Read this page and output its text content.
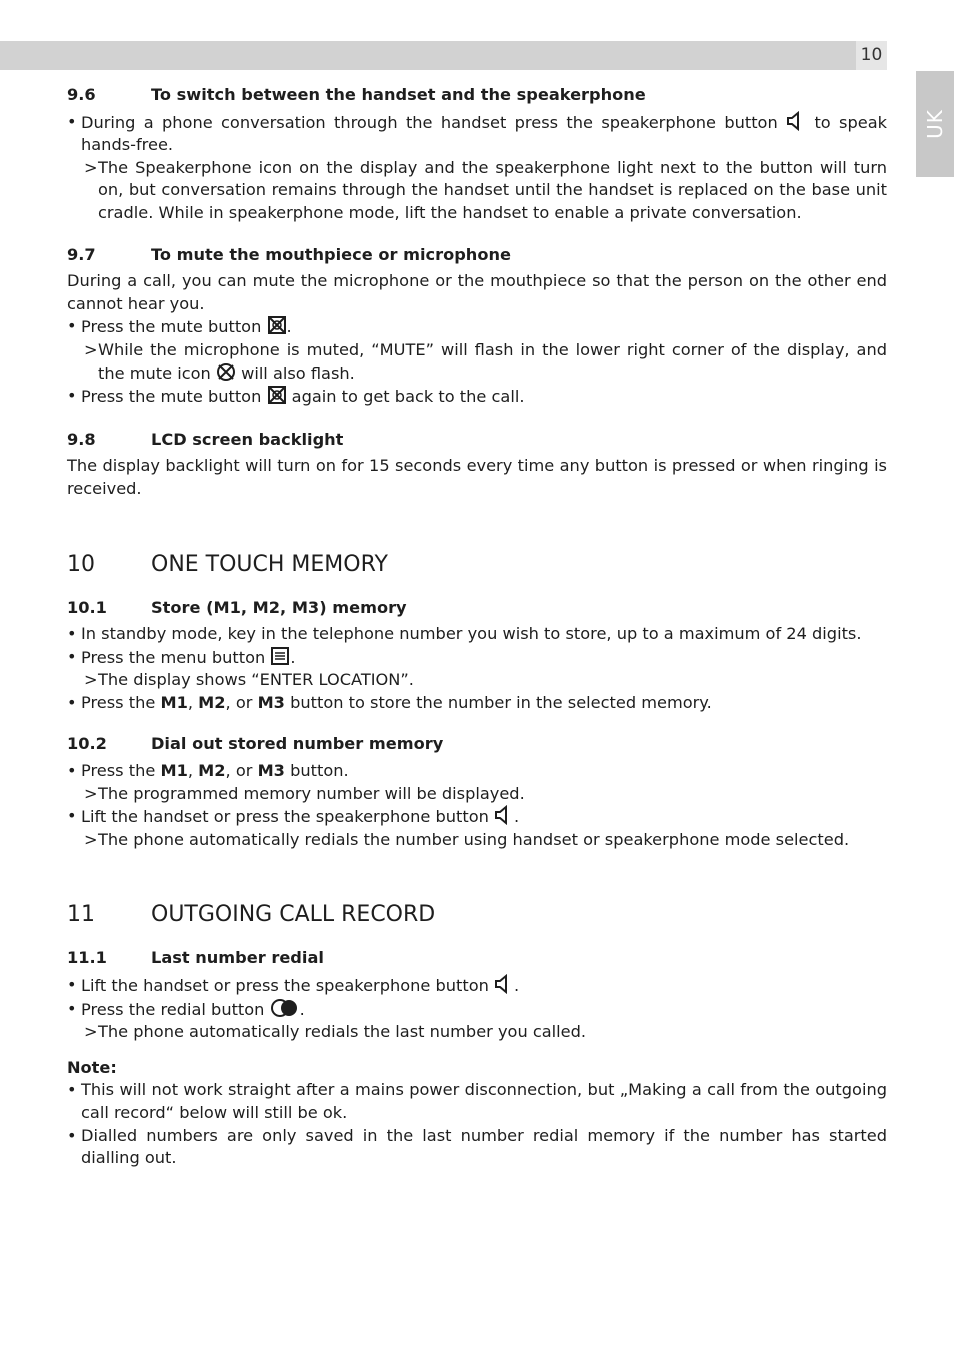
10
UK
9.6	To switch between the handset and the speakerphone

• During a phone conversation through the handset press the speakerphone button to speak hands-free.

> The Speakerphone icon on the display and the speakerphone light next to the button will turn on, but conversation remains through the handset until the handset is replaced on the base unit cradle. While in speakerphone mode, lift the handset to enable a private conversation.

9.7	To mute the mouthpiece or microphone

During a call, you can mute the microphone or the mouthpiece so that the person on the other end cannot hear you.

• Press the mute button .

> While the microphone is muted, “MUTE” will flash in the lower right corner of the display, and the mute icon will also flash.

• Press the mute button again to get back to the call.

9.8	LCD screen backlight

The display backlight will turn on for 15 seconds every time any button is pressed or when ringing is received.

10	ONE TOUCH MEMORY
10.1	Store (M1, M2, M3) memory

• In standby mode, key in the telephone number you wish to store, up to a maximum of 24 digits.

• Press the menu button .

> The display shows “ENTER LOCATION”.

• Press the M1, M2, or M3 button to store the number in the selected memory.

10.2	Dial out stored number memory

• Press the M1, M2, or M3 button.

> The programmed memory number will be displayed.

• Lift the handset or press the speakerphone button .

> The phone automatically redials the number using handset or speakerphone mode selected.

11	OUTGOING CALL RECORD
11.1	Last number redial

• Lift the handset or press the speakerphone button .

• Press the redial button .

> The phone automatically redials the last number you called.

Note:

• This will not work straight after a mains power disconnection, but „Making a call from the outgoing call record“ below will still be ok.

• Dialled numbers are only saved in the last number redial memory if the number has started dialling out.
